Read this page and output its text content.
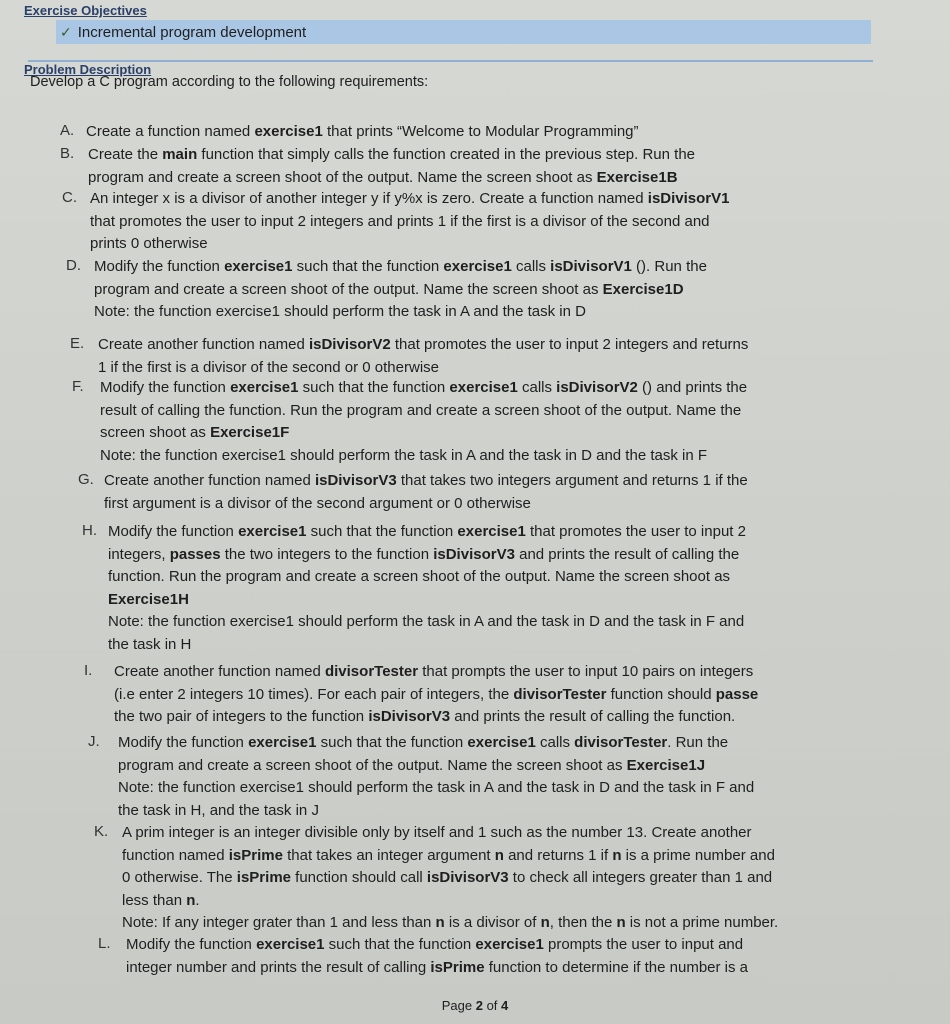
Exercise Objectives
✓ Incremental program development
Problem Description

Develop a C program according to the following requirements:

A. Create a function named exercise1 that prints “Welcome to Modular Programming”
B. Create the main function that simply calls the function created in the previous step. Run the
program and create a screen shoot of the output. Name the screen shoot as Exercise1B
C. An integer x is a divisor of another integer y if y%x is zero. Create a function named isDivisorV1
that promotes the user to input 2 integers and prints 1 if the first is a divisor of the second and
prints 0 otherwise
D. Modify the function exercise1 such that the function exercise1 calls isDivisorV1 (). Run the
program and create a screen shoot of the output. Name the screen shoot as Exercise1D
Note: the function exercise1 should perform the task in A and the task in D
E. Create another function named isDivisorV2 that promotes the user to input 2 integers and returns
1 if the first is a divisor of the second or 0 otherwise
F. Modify the function exercise1 such that the function exercise1 calls isDivisorV2 () and prints the
result of calling the function. Run the program and create a screen shoot of the output. Name the
screen shoot as Exercise1F
Note: the function exercise1 should perform the task in A and the task in D and the task in F
G. Create another function named isDivisorV3 that takes two integers argument and returns 1 if the
first argument is a divisor of the second argument or 0 otherwise
H. Modify the function exercise1 such that the function exercise1 that promotes the user to input 2
integers, passes the two integers to the function isDivisorV3 and prints the result of calling the
function. Run the program and create a screen shoot of the output. Name the screen shoot as
Exercise1H
Note: the function exercise1 should perform the task in A and the task in D and the task in F and
the task in H
I. Create another function named divisorTester that prompts the user to input 10 pairs on integers
(i.e enter 2 integers 10 times). For each pair of integers, the divisorTester function should passe
the two pair of integers to the function isDivisorV3 and prints the result of calling the function.
J. Modify the function exercise1 such that the function exercise1 calls divisorTester. Run the
program and create a screen shoot of the output. Name the screen shoot as Exercise1J
Note: the function exercise1 should perform the task in A and the task in D and the task in F and
the task in H, and the task in J
K. A prim integer is an integer divisible only by itself and 1 such as the number 13. Create another
function named isPrime that takes an integer argument n and returns 1 if n is a prime number and
0 otherwise. The isPrime function should call isDivisorV3 to check all integers greater than 1 and
less than n.
Note: If any integer grater than 1 and less than n is a divisor of n, then the n is not a prime number.
L. Modify the function exercise1 such that the function exercise1 prompts the user to input and
integer number and prints the result of calling isPrime function to determine if the number is a
Page 2 of 4
